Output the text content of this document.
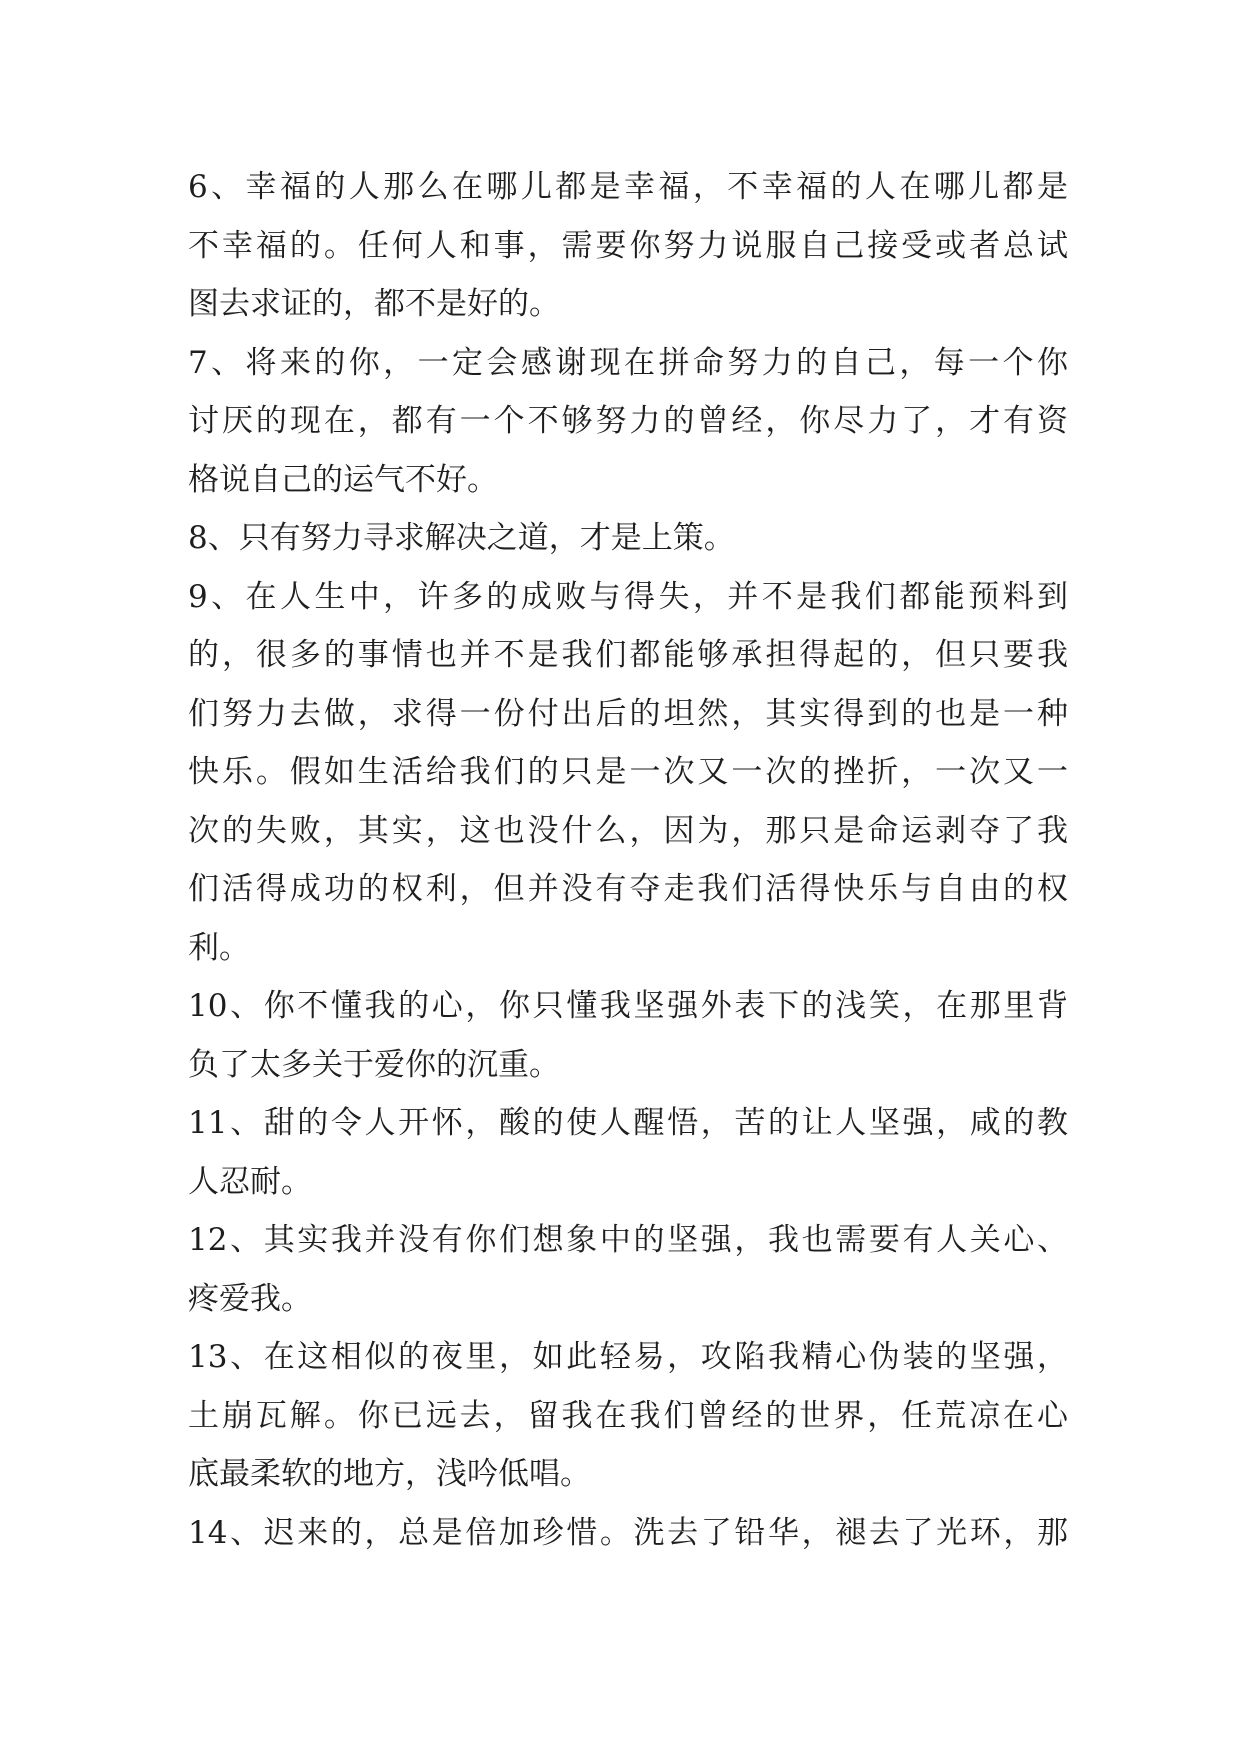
6、幸福的人那么在哪儿都是幸福，不幸福的人在哪儿都是
不幸福的。任何人和事，需要你努力说服自己接受或者总试
图去求证的，都不是好的。
7、将来的你，一定会感谢现在拼命努力的自己，每一个你
讨厌的现在，都有一个不够努力的曾经，你尽力了，才有资
格说自己的运气不好。
8、只有努力寻求解决之道，才是上策。
9、在人生中，许多的成败与得失，并不是我们都能预料到
的，很多的事情也并不是我们都能够承担得起的，但只要我
们努力去做，求得一份付出后的坦然，其实得到的也是一种
快乐。假如生活给我们的只是一次又一次的挫折，一次又一
次的失败，其实，这也没什么，因为，那只是命运剥夺了我
们活得成功的权利，但并没有夺走我们活得快乐与自由的权
利。
10、你不懂我的心，你只懂我坚强外表下的浅笑，在那里背
负了太多关于爱你的沉重。
11、甜的令人开怀，酸的使人醒悟，苦的让人坚强，咸的教
人忍耐。
12、其实我并没有你们想象中的坚强，我也需要有人关心、
疼爱我。
13、在这相似的夜里，如此轻易，攻陷我精心伪装的坚强，
土崩瓦解。你已远去，留我在我们曾经的世界，任荒凉在心
底最柔软的地方，浅吟低唱。
14、迟来的，总是倍加珍惜。洗去了铅华，褪去了光环，那
